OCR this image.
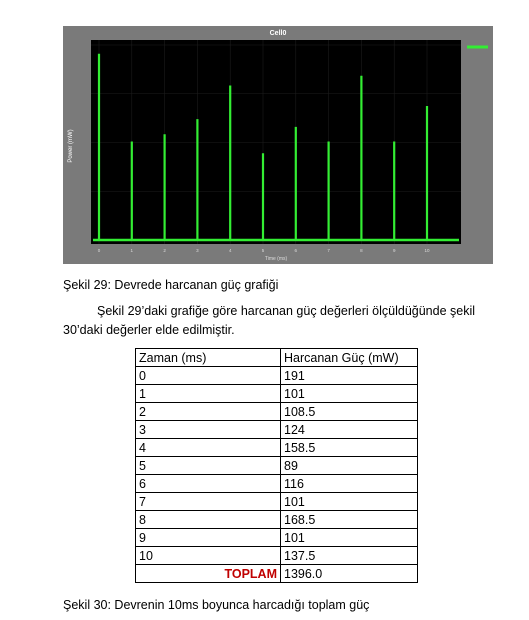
Cell0
Power (mW)
Time (ms)
0	1	2	3	4	5	6	7	8	9	10
Şekil 29: Devrede harcanan güç grafiği
Şekil 29’daki grafiğe göre harcanan güç değerleri ölçüldüğünde şekil 30’daki değerler elde edilmiştir.
Zaman (ms)	Harcanan Güç (mW)
0	191
1	101
2	108.5
3	124
4	158.5
5	89
6	116
7	101
8	168.5
9	101
10	137.5
TOPLAM	1396.0
Şekil 30: Devrenin 10ms boyunca harcadığı toplam güç
